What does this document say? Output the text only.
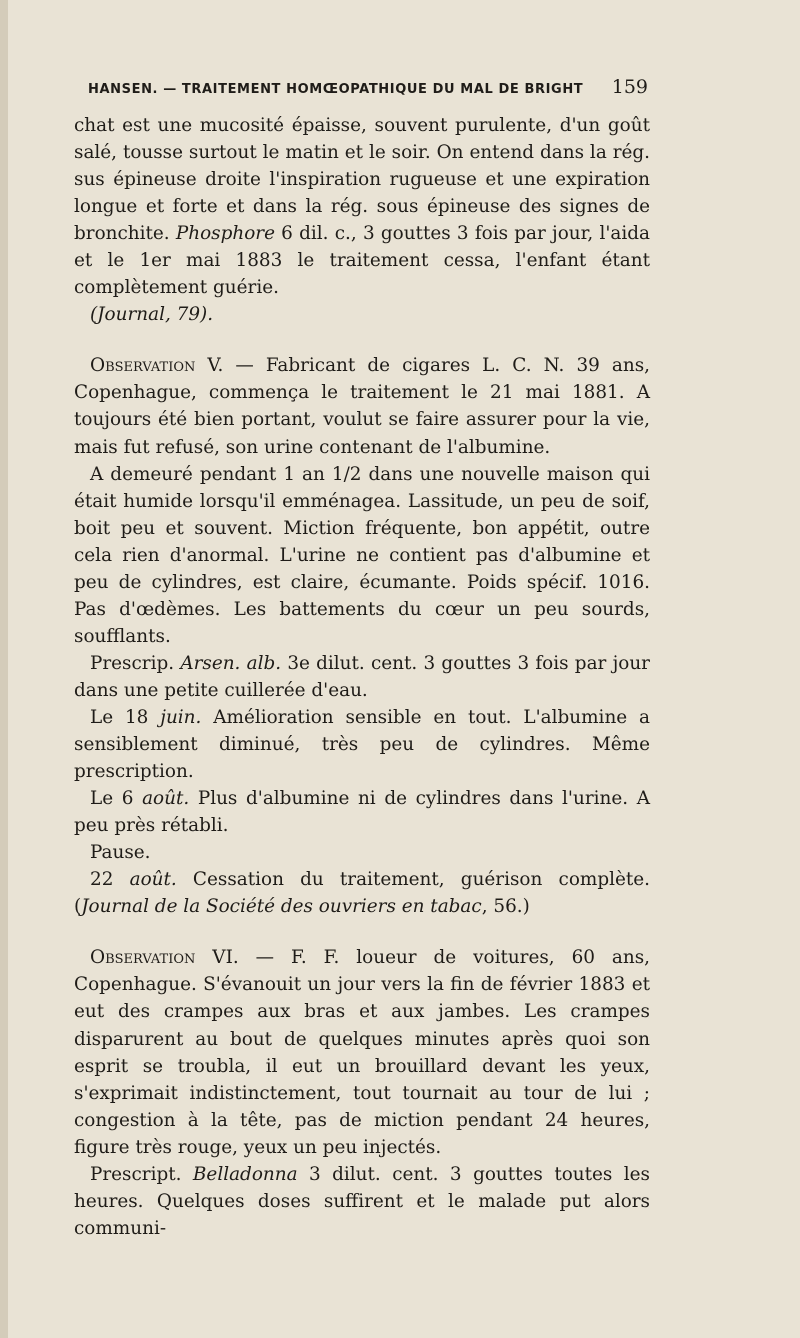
HANSEN. — TRAITEMENT HOMŒOPATHIQUE DU MAL DE BRIGHT 159

chat est une mucosité épaisse, souvent purulente, d'un goût salé, tousse surtout le matin et le soir. On entend dans la rég. sus épineuse droite l'inspiration rugueuse et une expiration longue et forte et dans la rég. sous épineuse des signes de bronchite. Phosphore 6 dil. c., 3 gouttes 3 fois par jour, l'aida et le 1er mai 1883 le traitement cessa, l'enfant étant complètement guérie.

(Journal, 79).

Observation V. — Fabricant de cigares L. C. N. 39 ans, Copenhague, commença le traitement le 21 mai 1881. A toujours été bien portant, voulut se faire assurer pour la vie, mais fut refusé, son urine contenant de l'albumine.

A demeuré pendant 1 an 1/2 dans une nouvelle maison qui était humide lorsqu'il emménagea. Lassitude, un peu de soif, boit peu et souvent. Miction fréquente, bon appétit, outre cela rien d'anormal. L'urine ne contient pas d'albumine et peu de cylindres, est claire, écumante. Poids spécif. 1016. Pas d'œdèmes. Les battements du cœur un peu sourds, soufflants.

Prescrip. Arsen. alb. 3e dilut. cent. 3 gouttes 3 fois par jour dans une petite cuillerée d'eau.

Le 18 juin. Amélioration sensible en tout. L'albumine a sensiblement diminué, très peu de cylindres. Même prescription.

Le 6 août. Plus d'albumine ni de cylindres dans l'urine. A peu près rétabli.

Pause.

22 août. Cessation du traitement, guérison complète. (Journal de la Société des ouvriers en tabac, 56.)

Observation VI. — F. F. loueur de voitures, 60 ans, Copenhague. S'évanouit un jour vers la fin de février 1883 et eut des crampes aux bras et aux jambes. Les crampes disparurent au bout de quelques minutes après quoi son esprit se troubla, il eut un brouillard devant les yeux, s'exprimait indistinctement, tout tournait au tour de lui ; congestion à la tête, pas de miction pendant 24 heures, figure très rouge, yeux un peu injectés.

Prescript. Belladonna 3 dilut. cent. 3 gouttes toutes les heures. Quelques doses suffirent et le malade put alors communi-
